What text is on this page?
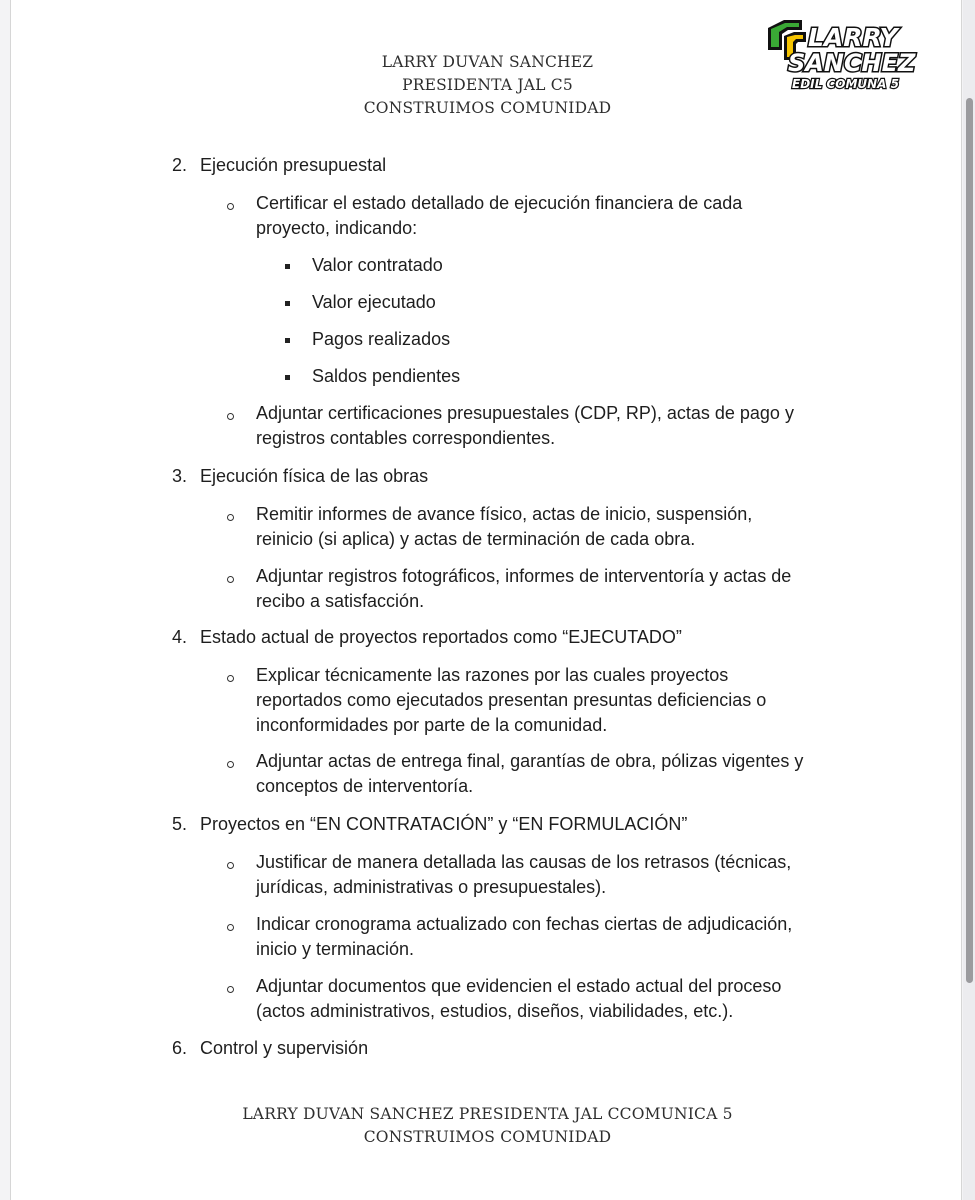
LARRY DUVAN SANCHEZ
PRESIDENTA JAL C5
CONSTRUIMOS COMUNIDAD
LARRY
SANCHEZ
EDIL COMUNA 5
2. Ejecución presupuestal
Certificar el estado detallado de ejecución financiera de cada
proyecto, indicando:
Valor contratado
Valor ejecutado
Pagos realizados
Saldos pendientes
Adjuntar certificaciones presupuestales (CDP, RP), actas de pago y
registros contables correspondientes.
3. Ejecución física de las obras
Remitir informes de avance físico, actas de inicio, suspensión,
reinicio (si aplica) y actas de terminación de cada obra.
Adjuntar registros fotográficos, informes de interventoría y actas de
recibo a satisfacción.
4. Estado actual de proyectos reportados como “EJECUTADO”
Explicar técnicamente las razones por las cuales proyectos
reportados como ejecutados presentan presuntas deficiencias o
inconformidades por parte de la comunidad.
Adjuntar actas de entrega final, garantías de obra, pólizas vigentes y
conceptos de interventoría.
5. Proyectos en “EN CONTRATACIÓN” y “EN FORMULACIÓN”
Justificar de manera detallada las causas de los retrasos (técnicas,
jurídicas, administrativas o presupuestales).
Indicar cronograma actualizado con fechas ciertas de adjudicación,
inicio y terminación.
Adjuntar documentos que evidencien el estado actual del proceso
(actos administrativos, estudios, diseños, viabilidades, etc.).
6. Control y supervisión
LARRY DUVAN SANCHEZ PRESIDENTA JAL CCOMUNICA 5
CONSTRUIMOS COMUNIDAD
